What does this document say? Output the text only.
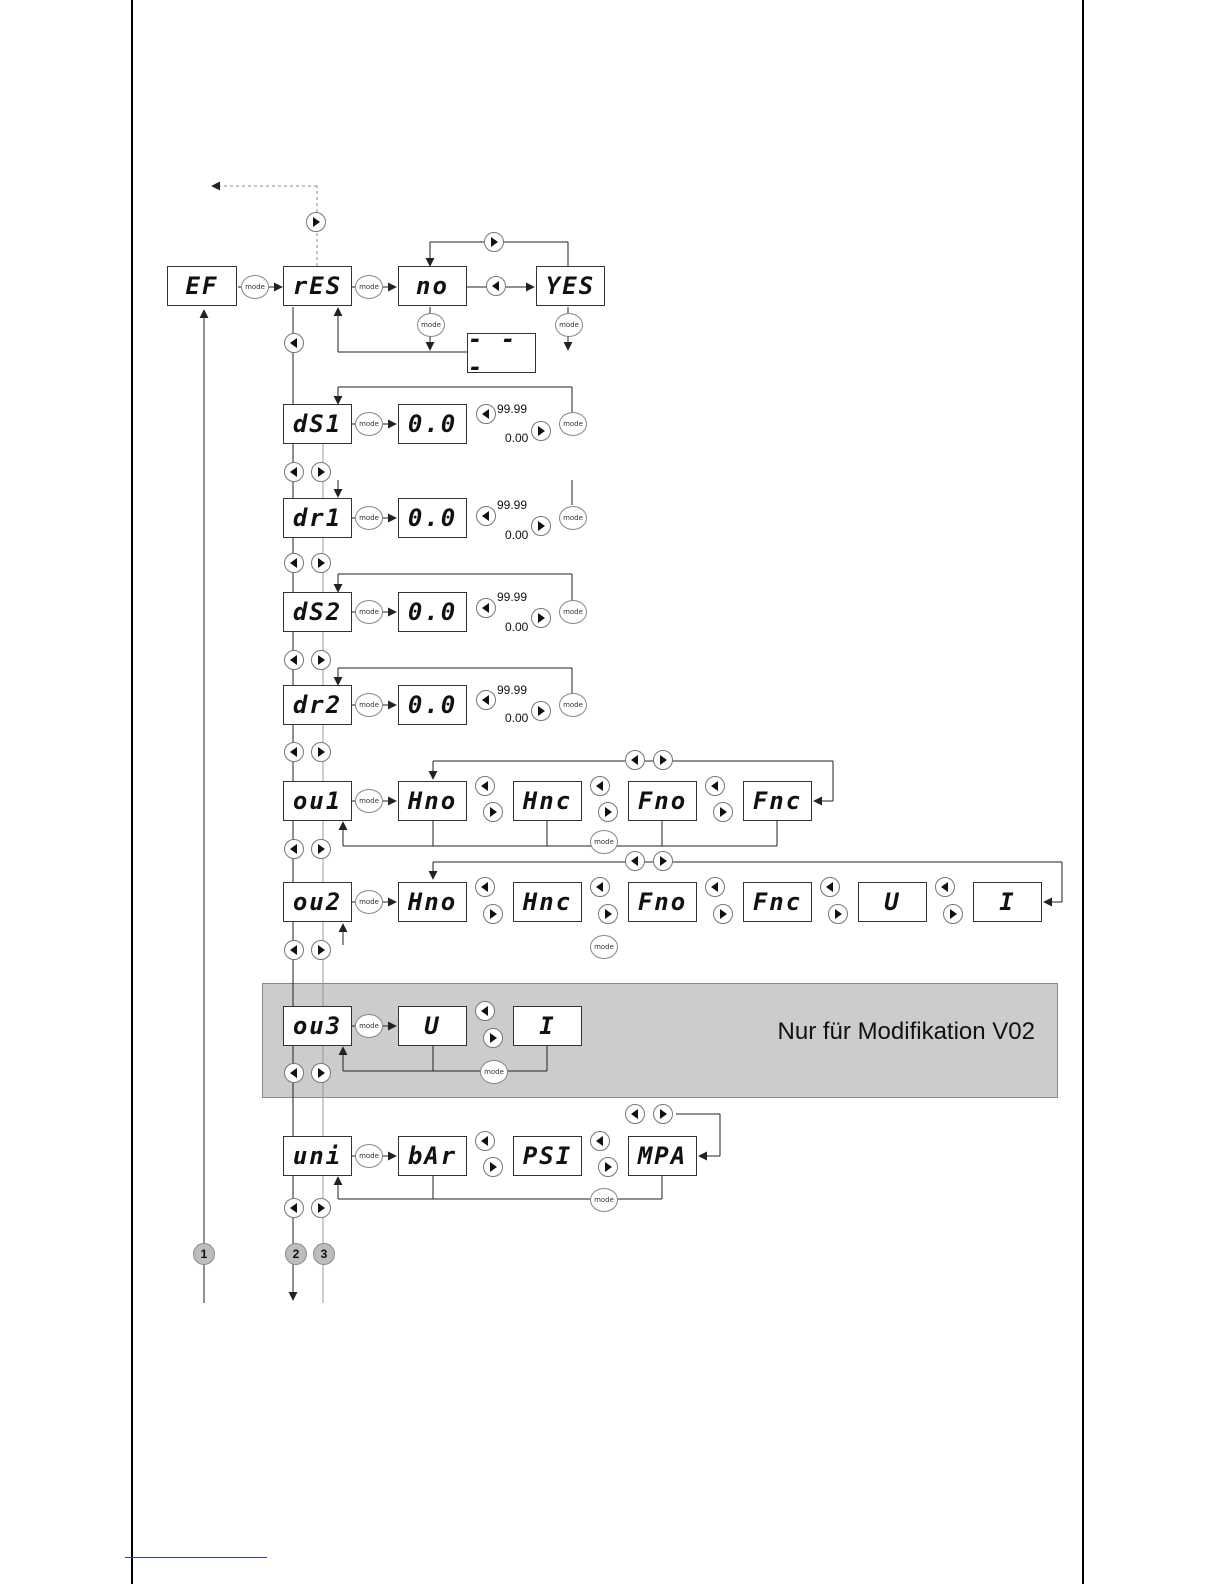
Nur für Modifikation V02
EF	rES	no	YES
- - -
dS1	0.0
dr1	0.0
dS2	0.0
dr2	0.0
ou1	Hno	Hnc	Fno	Fnc
ou2	Hno	Hnc	Fno	Fnc	U	I
ou3	U	I
uni	bAr	PSI	MPA
99.99
0.00
99.99
0.00
99.99
0.00
99.99
0.00
mode	mode
mode	mode
mode	mode
mode	mode
mode	mode
mode	mode
mode
mode
mode
mode
mode
mode
mode
mode
1	2	3
